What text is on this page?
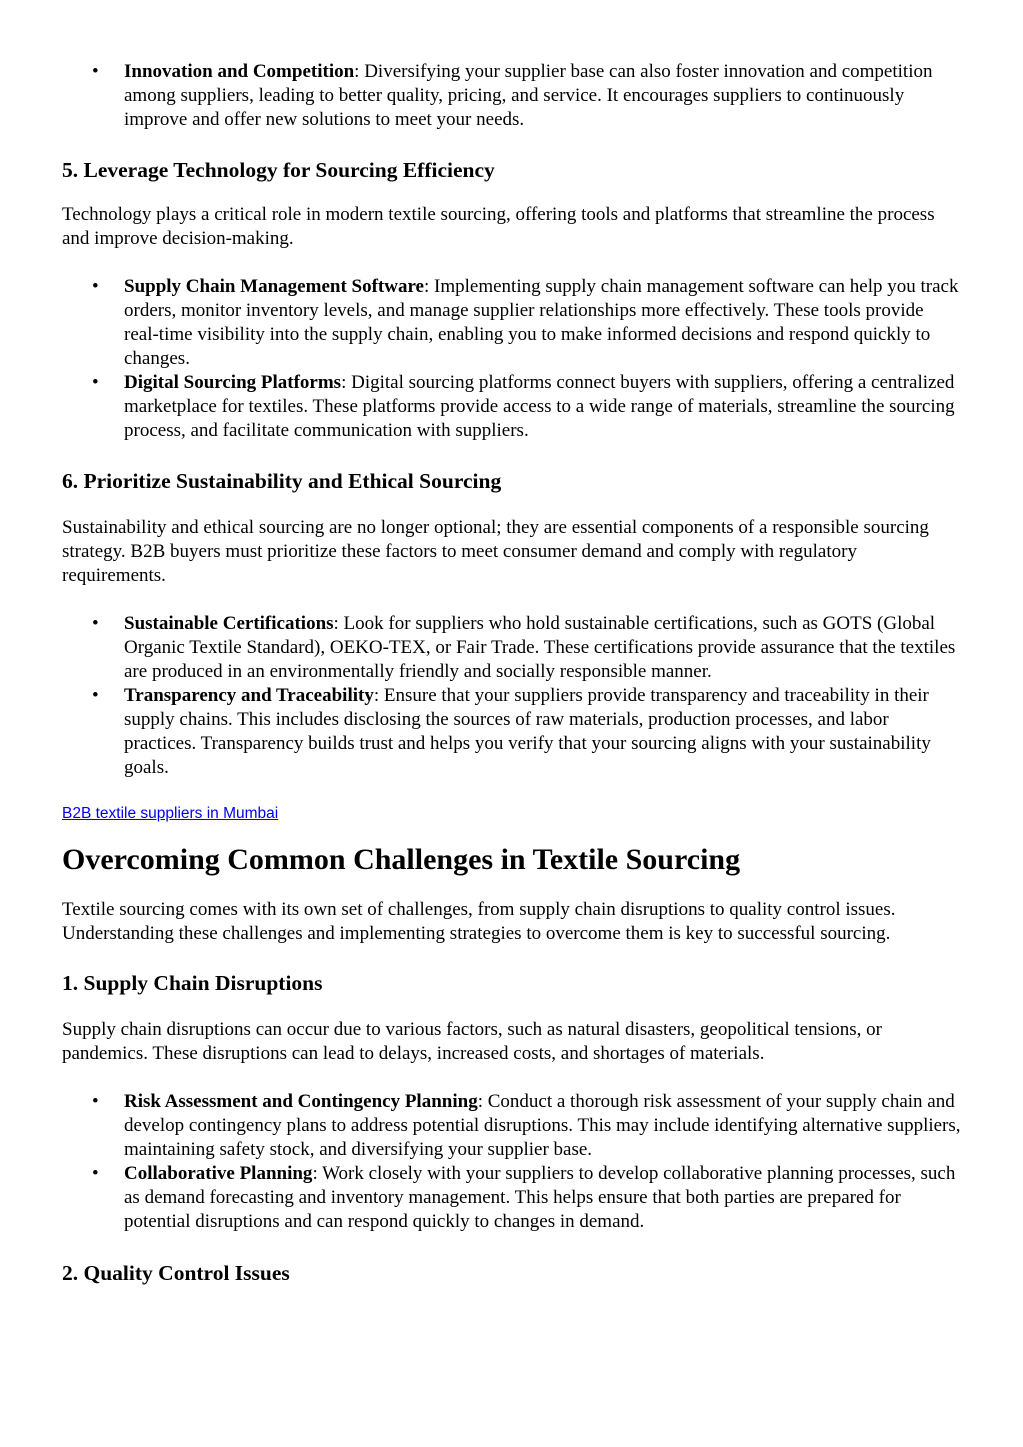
• Innovation and Competition: Diversifying your supplier base can also foster innovation and competition among suppliers, leading to better quality, pricing, and service. It encourages suppliers to continuously improve and offer new solutions to meet your needs.
5. Leverage Technology for Sourcing Efficiency

Technology plays a critical role in modern textile sourcing, offering tools and platforms that streamline the process and improve decision-making.

• Supply Chain Management Software: Implementing supply chain management software can help you track orders, monitor inventory levels, and manage supplier relationships more effectively. These tools provide real-time visibility into the supply chain, enabling you to make informed decisions and respond quickly to changes.
• Digital Sourcing Platforms: Digital sourcing platforms connect buyers with suppliers, offering a centralized marketplace for textiles. These platforms provide access to a wide range of materials, streamline the sourcing process, and facilitate communication with suppliers.
6. Prioritize Sustainability and Ethical Sourcing

Sustainability and ethical sourcing are no longer optional; they are essential components of a responsible sourcing strategy. B2B buyers must prioritize these factors to meet consumer demand and comply with regulatory requirements.

• Sustainable Certifications: Look for suppliers who hold sustainable certifications, such as GOTS (Global Organic Textile Standard), OEKO-TEX, or Fair Trade. These certifications provide assurance that the textiles are produced in an environmentally friendly and socially responsible manner.
• Transparency and Traceability: Ensure that your suppliers provide transparency and traceability in their supply chains. This includes disclosing the sources of raw materials, production processes, and labor practices. Transparency builds trust and helps you verify that your sourcing aligns with your sustainability goals.
B2B textile suppliers in Mumbai
Overcoming Common Challenges in Textile Sourcing

Textile sourcing comes with its own set of challenges, from supply chain disruptions to quality control issues. Understanding these challenges and implementing strategies to overcome them is key to successful sourcing.

1. Supply Chain Disruptions

Supply chain disruptions can occur due to various factors, such as natural disasters, geopolitical tensions, or pandemics. These disruptions can lead to delays, increased costs, and shortages of materials.

• Risk Assessment and Contingency Planning: Conduct a thorough risk assessment of your supply chain and develop contingency plans to address potential disruptions. This may include identifying alternative suppliers, maintaining safety stock, and diversifying your supplier base.
• Collaborative Planning: Work closely with your suppliers to develop collaborative planning processes, such as demand forecasting and inventory management. This helps ensure that both parties are prepared for potential disruptions and can respond quickly to changes in demand.
2. Quality Control Issues
